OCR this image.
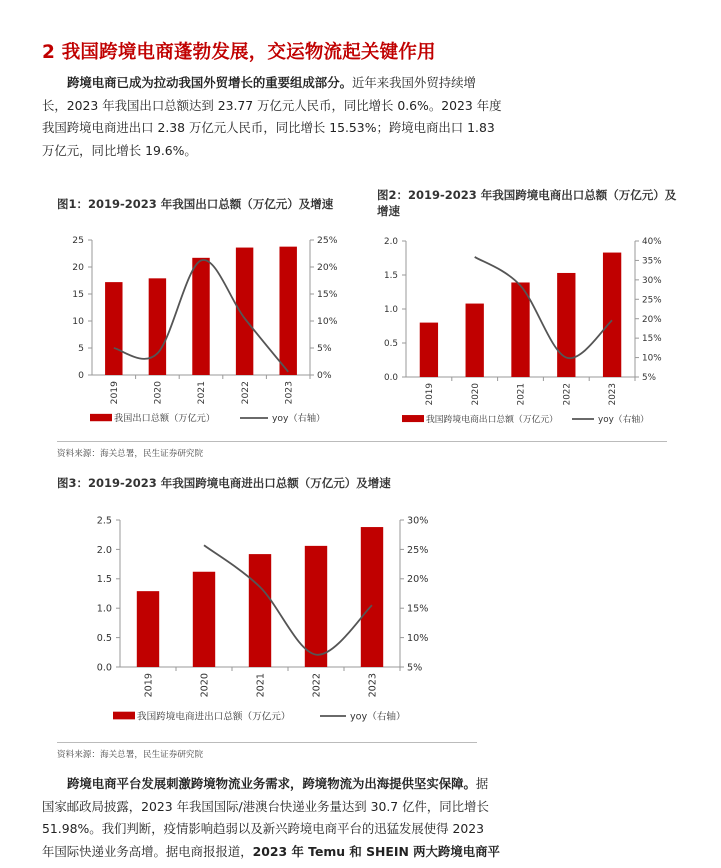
2 我国跨境电商蓬勃发展，交运物流起关键作用
跨境电商已成为拉动我国外贸增长的重要组成部分。近年来我国外贸持续增
长，2023 年我国出口总额达到 23.77 万亿元人民币，同比增长 0.6%。2023 年度
我国跨境电商进出口 2.38 万亿元人民币，同比增长 15.53%；跨境电商出口 1.83
万亿元，同比增长 19.6%。
图1：2019-2023 年我国出口总额（万亿元）及增速
0
5
10
15
20
25
0%
5%
10%
15%
20%
25%
2019	2020	2021	2022	2023
我国出口总额（万亿元）	yoy（右轴）
资料来源：海关总署，民生证券研究院
图2：2019-2023 年我国跨境电商出口总额（万亿元）及增速
0.0
0.5
1.0
1.5
2.0
5%
10%
15%
20%
25%
30%
35%
40%
2019	2020	2021	2022	2023
我国跨境电商出口总额（万亿元）	yoy（右轴）
图3：2019-2023 年我国跨境电商进出口总额（万亿元）及增速
0.0
0.5
1.0
1.5
2.0
2.5
5%
10%
15%
20%
25%
30%
2019	2020	2021	2022	2023
我国跨境电商进出口总额（万亿元）	yoy（右轴）
资料来源：海关总署，民生证券研究院
跨境电商平台发展刺激跨境物流业务需求，跨境物流为出海提供坚实保障。据
国家邮政局披露，2023 年我国国际/港澳台快递业务量达到 30.7 亿件，同比增长
51.98%。我们判断，疫情影响趋弱以及新兴跨境电商平台的迅猛发展使得 2023
年国际快递业务高增。据电商报报道，2023 年 Temu 和 SHEIN 两大跨境电商平
